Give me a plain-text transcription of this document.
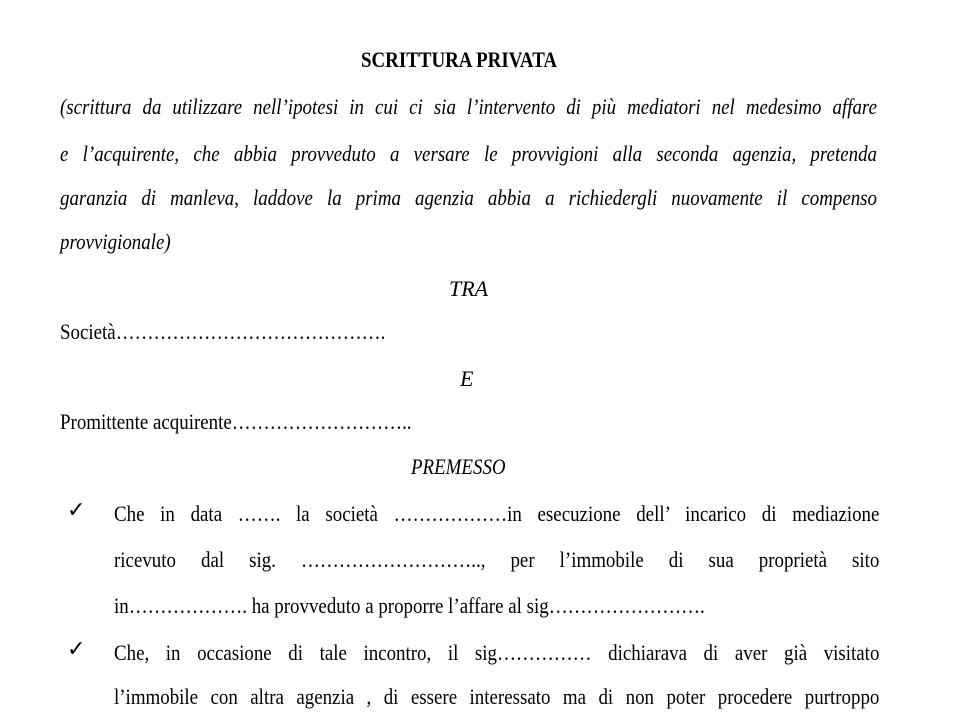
SCRITTURA PRIVATA
(scrittura da utilizzare nell’ipotesi in cui ci sia l’intervento di più mediatori nel medesimo affare
e l’acquirente, che abbia provveduto a versare le provvigioni alla seconda agenzia, pretenda
garanzia di manleva, laddove la prima agenzia abbia a richiedergli nuovamente il compenso
provvigionale)
TRA
Società…………………………………….
E
Promittente acquirente………………………..
PREMESSO
✓ Che in data ……. la società ………………in esecuzione dell’ incarico di mediazione
ricevuto dal sig. ……………………….., per l’immobile di sua proprietà sito
in………………. ha provveduto a proporre l’affare al sig…………………….
✓ Che, in occasione di tale incontro, il sig…………… dichiarava di aver già visitato
l’immobile con altra agenzia , di essere interessato ma di non poter procedere purtroppo
